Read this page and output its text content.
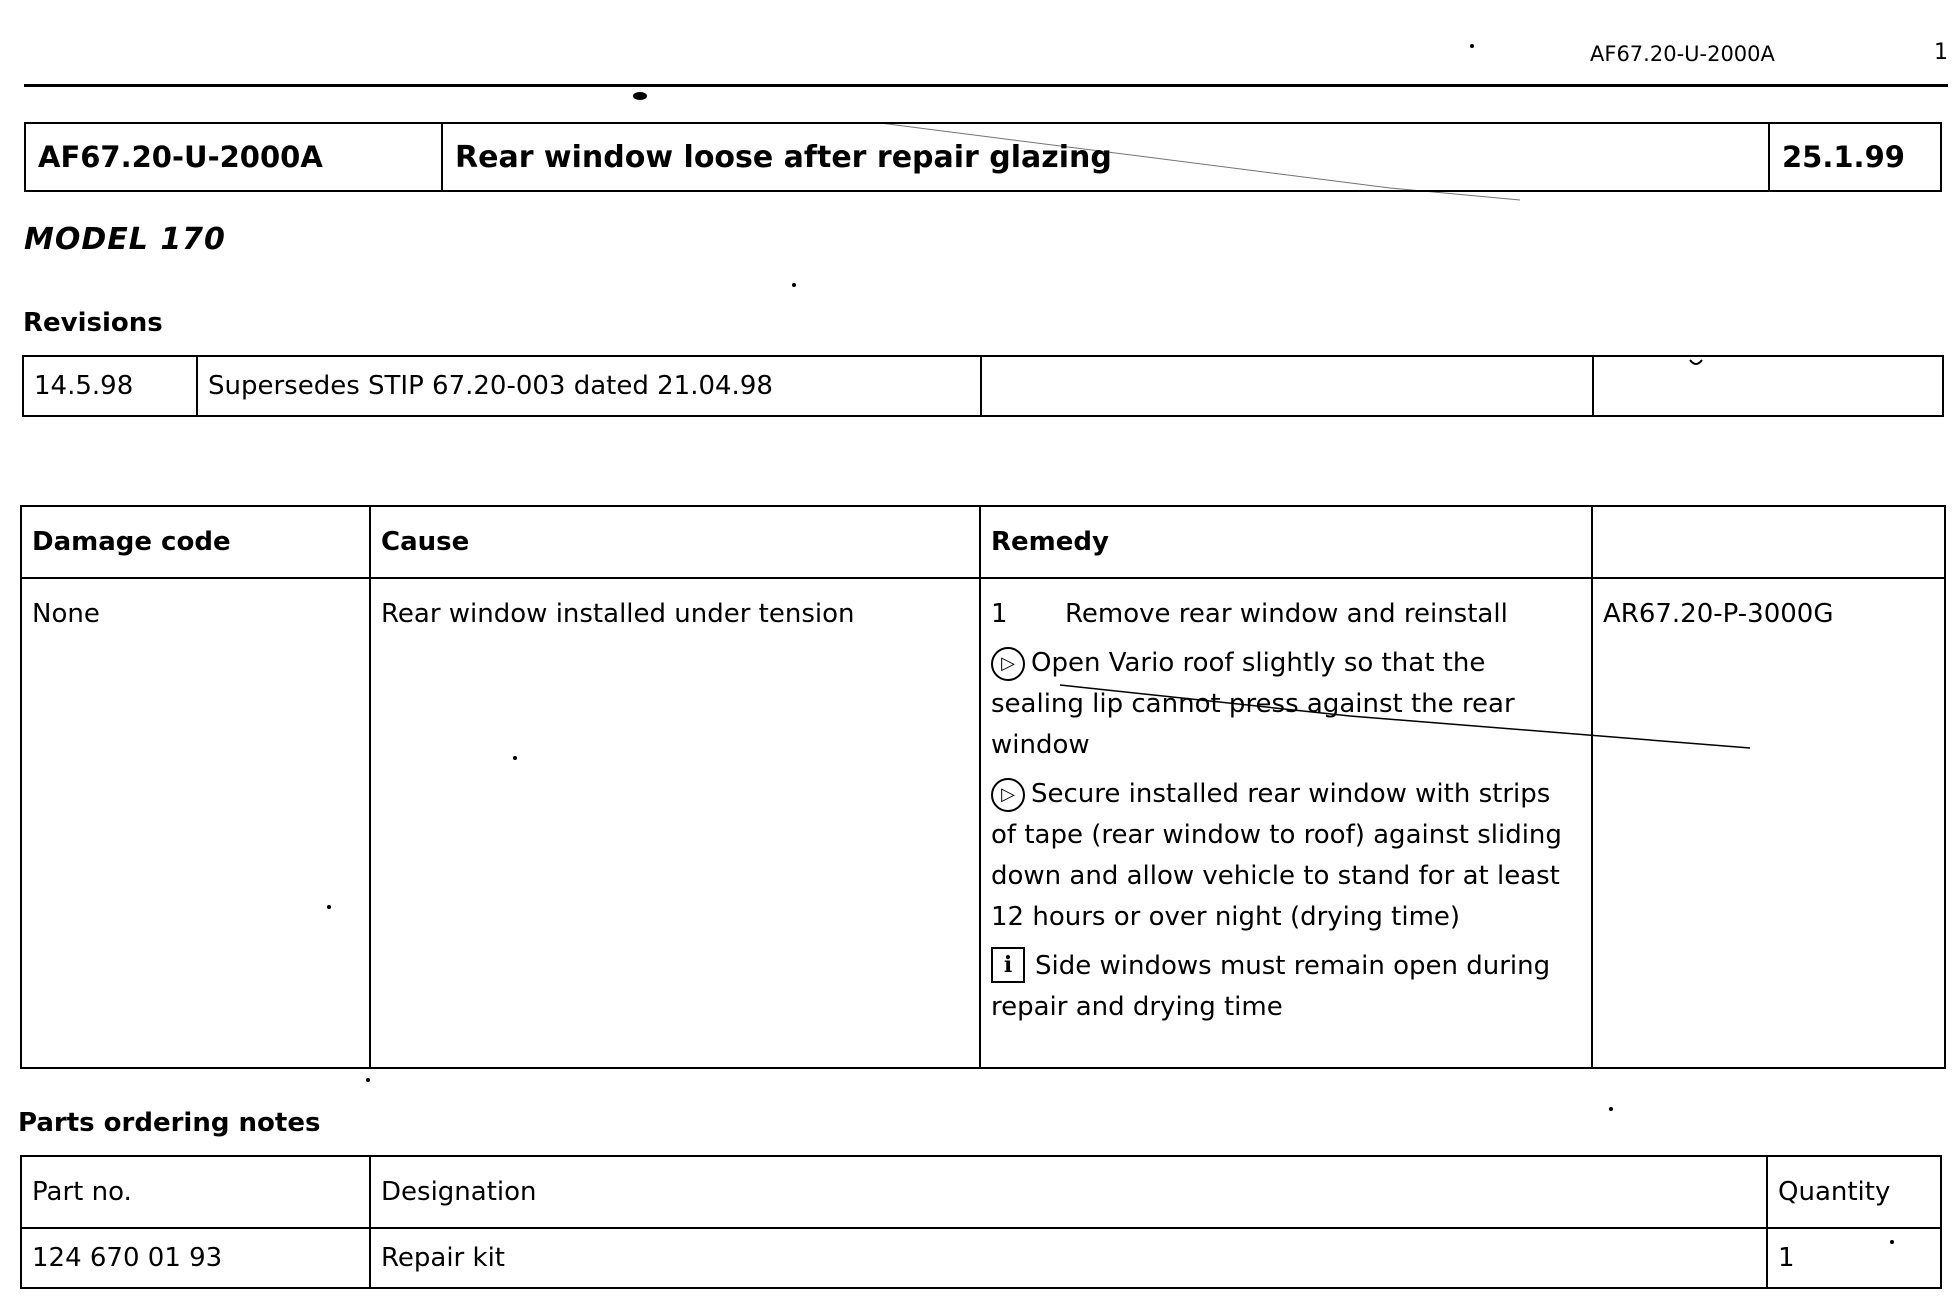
AF67.20-U-2000A	1
AF67.20-U-2000A	Rear window loose after repair glazing	25.1.99
MODEL 170
Revisions
14.5.98	Supersedes STIP 67.20-003 dated 21.04.98		
Damage code	Cause	Remedy	
None	Rear window installed under tension	1 Remove rear window and reinstall
▷ Open Vario roof slightly so that the sealing lip cannot press against the rear window
▷ Secure installed rear window with strips of tape (rear window to roof) against sliding down and allow vehicle to stand for at least 12 hours or over night (drying time)
i Side windows must remain open during repair and drying time	AR67.20-P-3000G
Parts ordering notes
Part no.	Designation	Quantity
124 670 01 93	Repair kit	1
